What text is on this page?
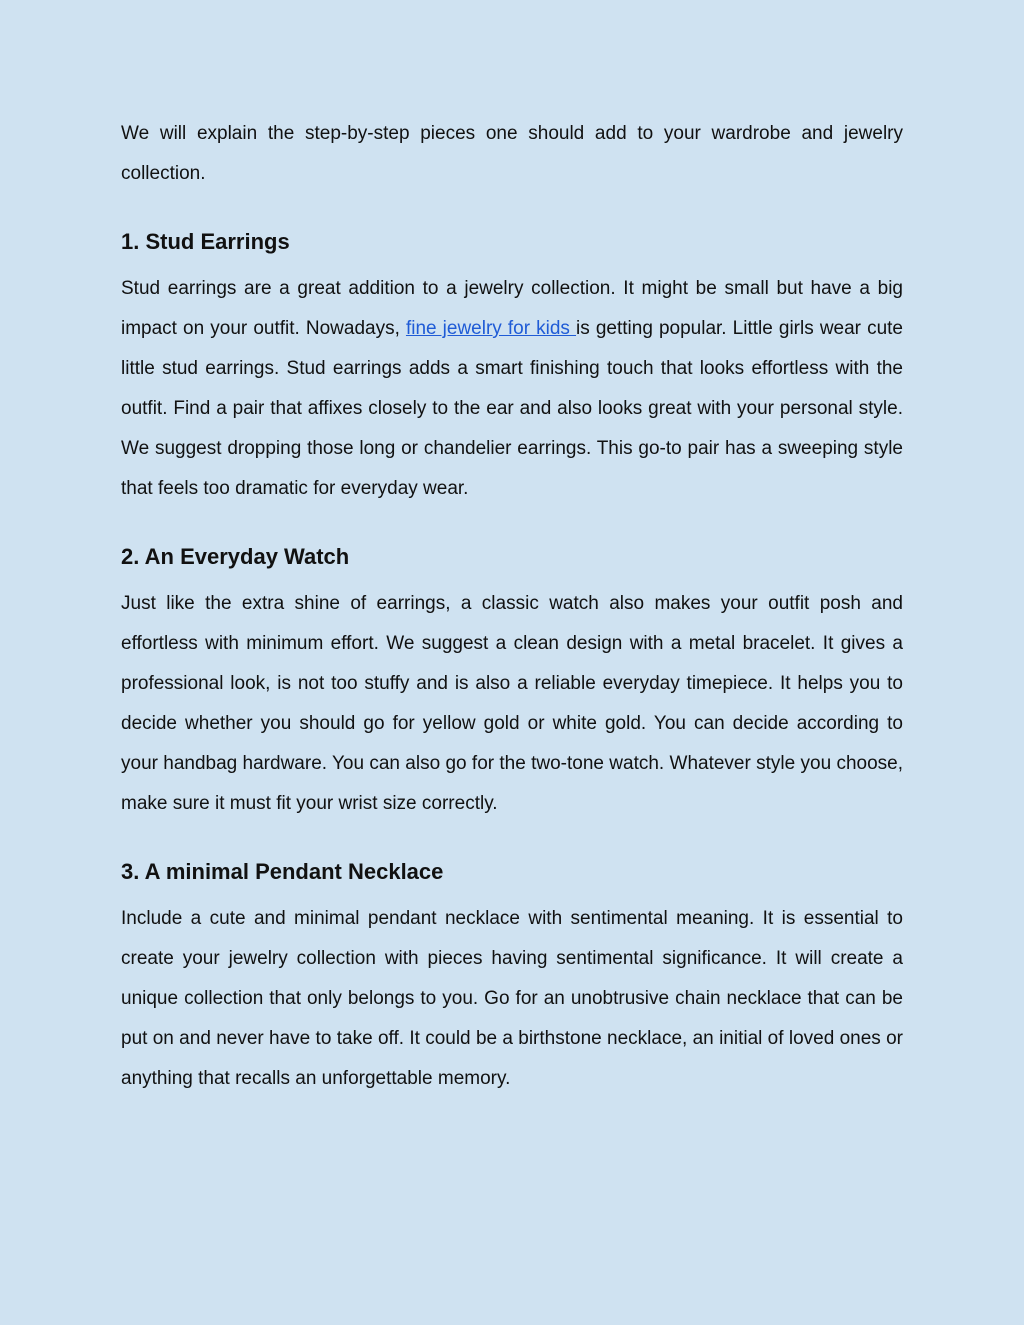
We will explain the step-by-step pieces one should add to your wardrobe and jewelry collection.

1. Stud Earrings

Stud earrings are a great addition to a jewelry collection. It might be small but have a big impact on your outfit. Nowadays, fine jewelry for kids is getting popular. Little girls wear cute little stud earrings. Stud earrings adds a smart finishing touch that looks effortless with the outfit. Find a pair that affixes closely to the ear and also looks great with your personal style. We suggest dropping those long or chandelier earrings. This go-to pair has a sweeping style that feels too dramatic for everyday wear.

2. An Everyday Watch

Just like the extra shine of earrings, a classic watch also makes your outfit posh and effortless with minimum effort. We suggest a clean design with a metal bracelet. It gives a professional look, is not too stuffy and is also a reliable everyday timepiece. It helps you to decide whether you should go for yellow gold or white gold. You can decide according to your handbag hardware. You can also go for the two-tone watch. Whatever style you choose, make sure it must fit your wrist size correctly.

3. A minimal Pendant Necklace

Include a cute and minimal pendant necklace with sentimental meaning. It is essential to create your jewelry collection with pieces having sentimental significance. It will create a unique collection that only belongs to you. Go for an unobtrusive chain necklace that can be put on and never have to take off. It could be a birthstone necklace, an initial of loved ones or anything that recalls an unforgettable memory.
